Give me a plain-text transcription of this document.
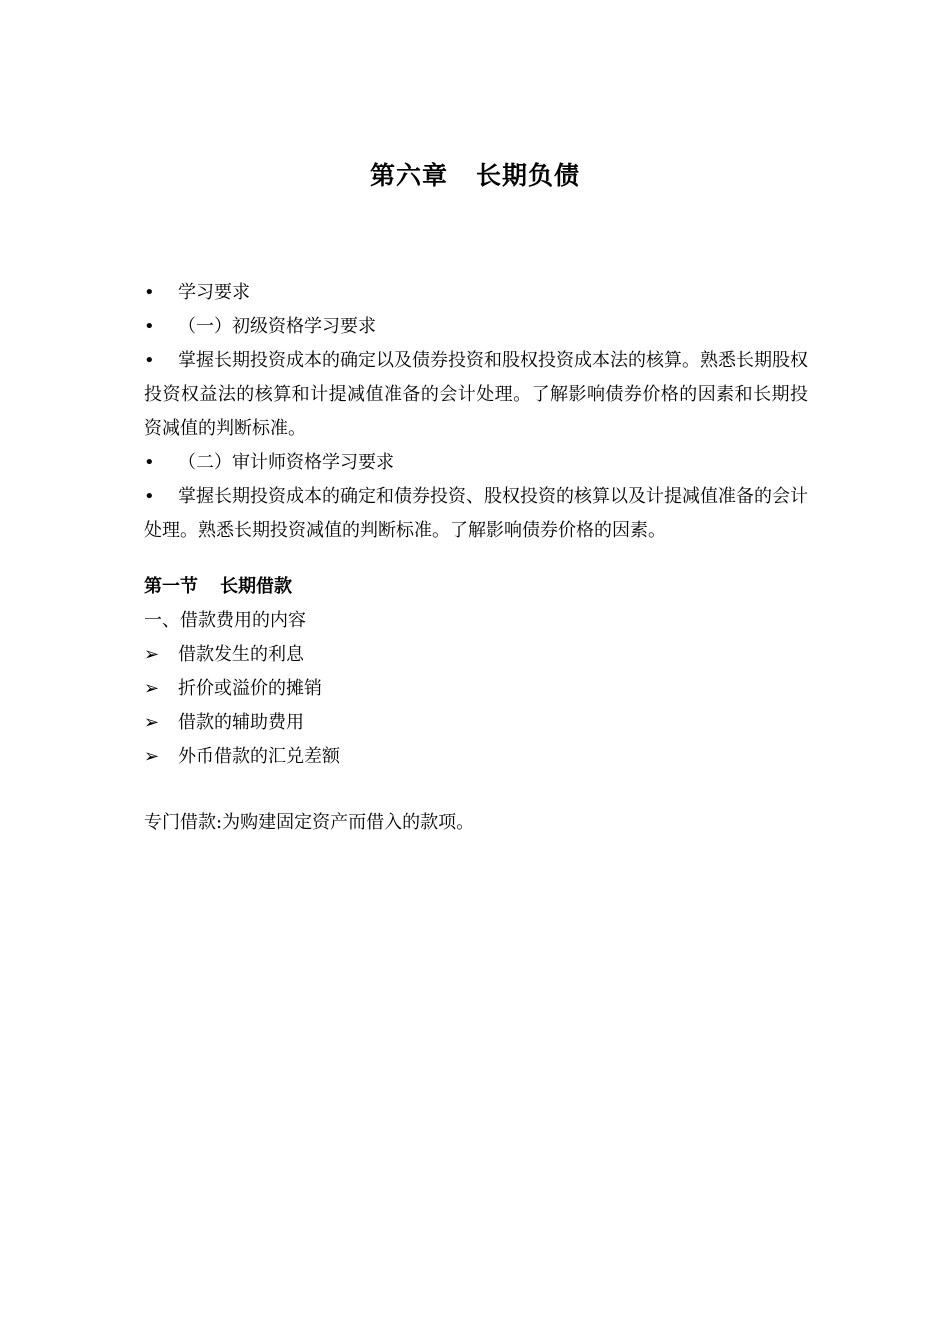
第六章 长期负债

•	学习要求

•	（一）初级资格学习要求

• 掌握长期投资成本的确定以及债券投资和股权投资成本法的核算。熟悉长期股权投资权益法的核算和计提减值准备的会计处理。了解影响债券价格的因素和长期投资减值的判断标准。

•	（二）审计师资格学习要求

• 掌握长期投资成本的确定和债券投资、股权投资的核算以及计提减值准备的会计处理。熟悉长期投资减值的判断标准。了解影响债券价格的因素。

第一节 长期借款

一、借款费用的内容

➢ 借款发生的利息

➢ 折价或溢价的摊销

➢ 借款的辅助费用

➢ 外币借款的汇兑差额

专门借款:为购建固定资产而借入的款项。
